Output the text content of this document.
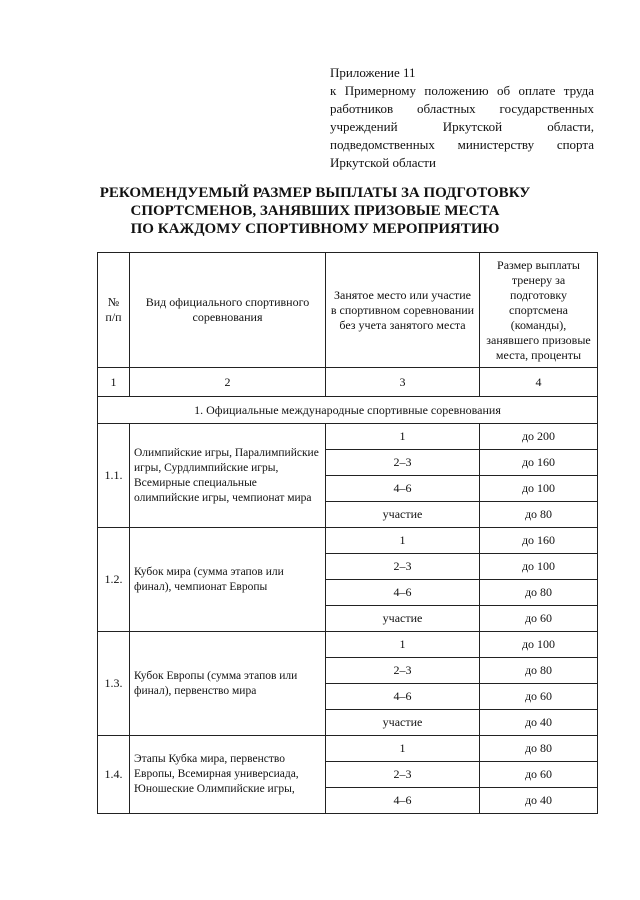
Приложение 11
к Примерному положению об оплате труда
работников областных государственных
учреждений Иркутской области,
подведомственных министерству спорта
Иркутской области
РЕКОМЕНДУЕМЫЙ РАЗМЕР ВЫПЛАТЫ ЗА ПОДГОТОВКУ
СПОРТСМЕНОВ, ЗАНЯВШИХ ПРИЗОВЫЕ МЕСТА
ПО КАЖДОМУ СПОРТИВНОМУ МЕРОПРИЯТИЮ
№ п/п	Вид официального спортивного соревнования	Занятое место или участие в спортивном соревновании без учета занятого места	Размер выплаты тренеру за подготовку спортсмена (команды), занявшего призовые места, проценты
1	2	3	4
1. Официальные международные спортивные соревнования			
1.1.	Олимпийские игры, Паралимпийские игры, Сурдлимпийские игры, Всемирные специальные олимпийские игры, чемпионат мира	1	до 200
		2–3	до 160
		4–6	до 100
		участие	до 80
1.2.	Кубок мира (сумма этапов или финал), чемпионат Европы	1	до 160
		2–3	до 100
		4–6	до 80
		участие	до 60
1.3.	Кубок Европы (сумма этапов или финал), первенство мира	1	до 100
		2–3	до 80
		4–6	до 60
		участие	до 40
1.4.	Этапы Кубка мира, первенство Европы, Всемирная универсиада, Юношеские Олимпийские игры,	1	до 80
		2–3	до 60
		4–6	до 40
